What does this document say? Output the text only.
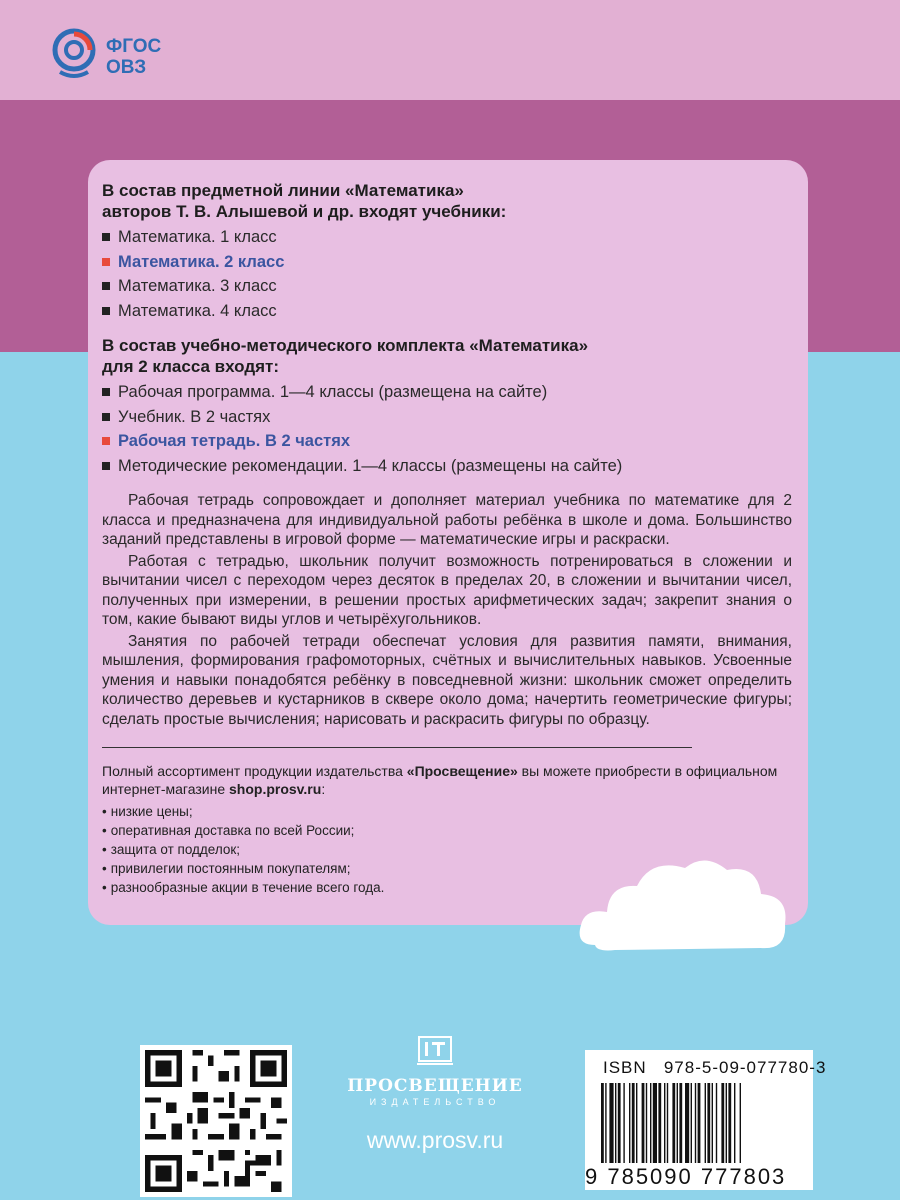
ФГОС
ОВЗ

В состав предметной линии «Математика»
авторов Т. В. Алышевой и др. входят учебники:

Математика. 1 класс
Математика. 2 класс
Математика. 3 класс
Математика. 4 класс

В состав учебно-методического комплекта «Математика»
для 2 класса входят:

Рабочая программа. 1—4 классы (размещена на сайте)
Учебник. В 2 частях
Рабочая тетрадь. В 2 частях
Методические рекомендации. 1—4 классы (размещены на сайте)

Рабочая тетрадь сопровождает и дополняет материал учебника по математике для 2 класса и предназначена для индивидуальной работы ребёнка в школе и дома. Большинство заданий представлены в игровой форме — математические игры и раскраски.

Работая с тетрадью, школьник получит возможность потренироваться в сложении и вычитании чисел с переходом через десяток в пределах 20, в сложении и вычитании чисел, полученных при измерении, в решении простых арифметических задач; закрепит знания о том, какие бывают виды углов и четырёхугольников.

Занятия по рабочей тетради обеспечат условия для развития памяти, внимания, мышления, формирования графомоторных, счётных и вычислительных навыков. Усвоенные умения и навыки понадобятся ребёнку в повседневной жизни: школьник сможет определить количество деревьев и кустарников в сквере около дома; начертить геометрические фигуры; сделать простые вычисления; нарисовать и раскрасить фигуры по образцу.

Полный ассортимент продукции издательства «Просвещение» вы можете приобрести в официальном интернет-магазине shop.prosv.ru:
• низкие цены;
• оперативная доставка по всей России;
• защита от подделок;
• привилегии постоянным покупателям;
• разнообразные акции в течение всего года.
ПРОСВЕЩЕНИЕ
ИЗДАТЕЛЬСТВО
www.prosv.ru
ISBN   978-5-09-077780-3
9 785090 777803
